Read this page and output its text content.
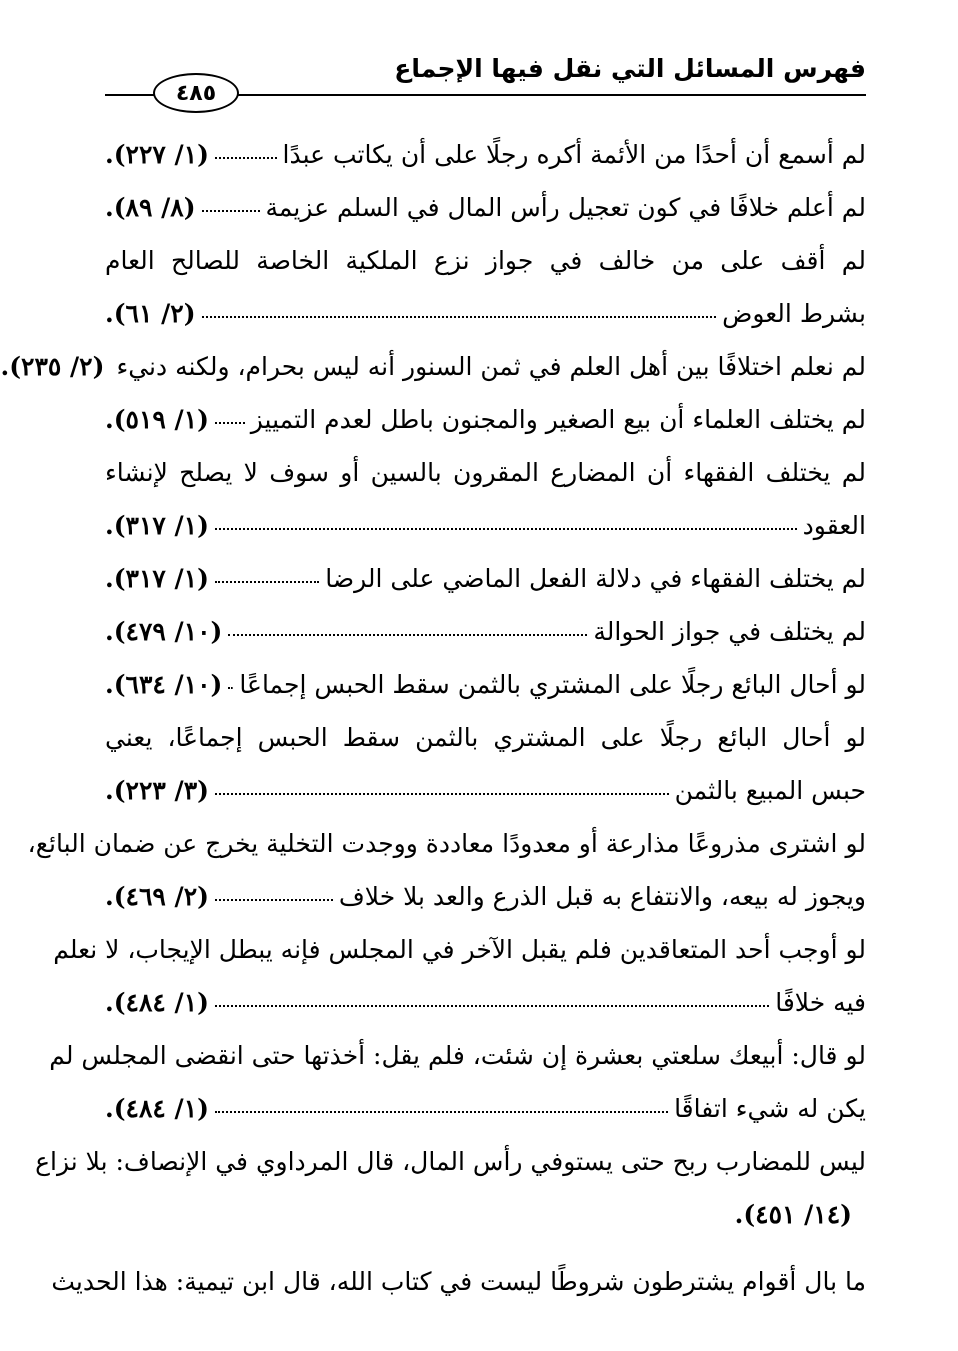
فهرس المسائل التي نقل فيها الإجماع
٤٨٥
لم أسمع أن أحدًا من الأئمة أكره رجلًا على أن يكاتب عبدًا
(١/ ٢٢٧).
لم أعلم خلافًا في كون تعجيل رأس المال في السلم عزيمة
(٨/ ٨٩).
لم أقف على من خالف في جواز نزع الملكية الخاصة للصالح العام
بشرط العوض
(٢/ ٦١).
لم نعلم اختلافًا بين أهل العلم في ثمن السنور أنه ليس بحرام، ولكنه دنيء
(٢/ ٢٣٥).
لم يختلف العلماء أن بيع الصغير والمجنون باطل لعدم التمييز
(١/ ٥١٩).
لم يختلف الفقهاء أن المضارع المقرون بالسين أو سوف لا يصلح لإنشاء
العقود
(١/ ٣١٧).
لم يختلف الفقهاء في دلالة الفعل الماضي على الرضا
(١/ ٣١٧).
لم يختلف في جواز الحوالة
(١٠/ ٤٧٩).
لو أحال البائع رجلًا على المشتري بالثمن سقط الحبس إجماعًا
(١٠/ ٦٣٤).
لو أحال البائع رجلًا على المشتري بالثمن سقط الحبس إجماعًا، يعني
حبس المبيع بالثمن
(٣/ ٢٢٣).
لو اشترى مذروعًا مذارعة أو معدودًا معاددة ووجدت التخلية يخرج عن ضمان البائع،
ويجوز له بيعه، والانتفاع به قبل الذرع والعد بلا خلاف
(٢/ ٤٦٩).
لو أوجب أحد المتعاقدين فلم يقبل الآخر في المجلس فإنه يبطل الإيجاب، لا نعلم
فيه خلافًا
(١/ ٤٨٤).
لو قال: أبيعك سلعتي بعشرة إن شئت، فلم يقل: أخذتها حتى انقضى المجلس لم
يكن له شيء اتفاقًا
(١/ ٤٨٤).
ليس للمضارب ربح حتى يستوفي رأس المال، قال المرداوي في الإنصاف: بلا نزاع
(١٤/ ٤٥١).
ما بال أقوام يشترطون شروطًا ليست في كتاب الله، قال ابن تيمية: هذا الحديث
